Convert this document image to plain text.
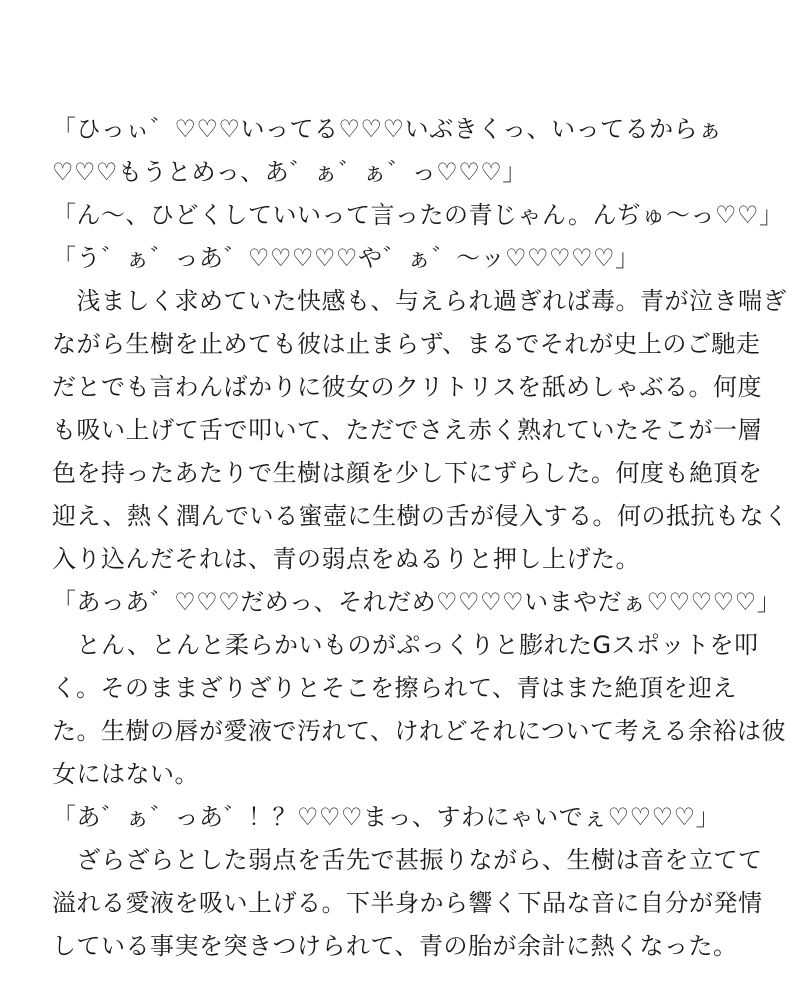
「ひっぃ゛♡♡♡いってる♡♡♡いぶきくっ、いってるからぁ
♡♡♡もうとめっ、あ゛ぁ゛ぁ゛っ♡♡♡」
「ん〜、ひどくしていいって言ったの青じゃん。んぢゅ〜っ♡♡」
「う゛ぁ゛っあ゛♡♡♡♡♡や゛ぁ゛〜ッ♡♡♡♡♡」
　浅ましく求めていた快感も、与えられ過ぎれば毒。青が泣き喘ぎ
ながら生樹を止めても彼は止まらず、まるでそれが史上のご馳走
だとでも言わんばかりに彼女のクリトリスを舐めしゃぶる。何度
も吸い上げて舌で叩いて、ただでさえ赤く熟れていたそこが一層
色を持ったあたりで生樹は顔を少し下にずらした。何度も絶頂を
迎え、熱く潤んでいる蜜壺に生樹の舌が侵入する。何の抵抗もなく
入り込んだそれは、青の弱点をぬるりと押し上げた。
「あっあ゛♡♡♡だめっ、それだめ♡♡♡♡いまやだぁ♡♡♡♡♡」
　とん、とんと柔らかいものがぷっくりと膨れたGスポットを叩
く。そのままざりざりとそこを擦られて、青はまた絶頂を迎え
た。生樹の唇が愛液で汚れて、けれどそれについて考える余裕は彼
女にはない。
「あ゛ぁ゛っあ゛！？♡♡♡まっ、すわにゃいでぇ♡♡♡♡」
　ざらざらとした弱点を舌先で甚振りながら、生樹は音を立てて
溢れる愛液を吸い上げる。下半身から響く下品な音に自分が発情
している事実を突きつけられて、青の胎が余計に熱くなった。
